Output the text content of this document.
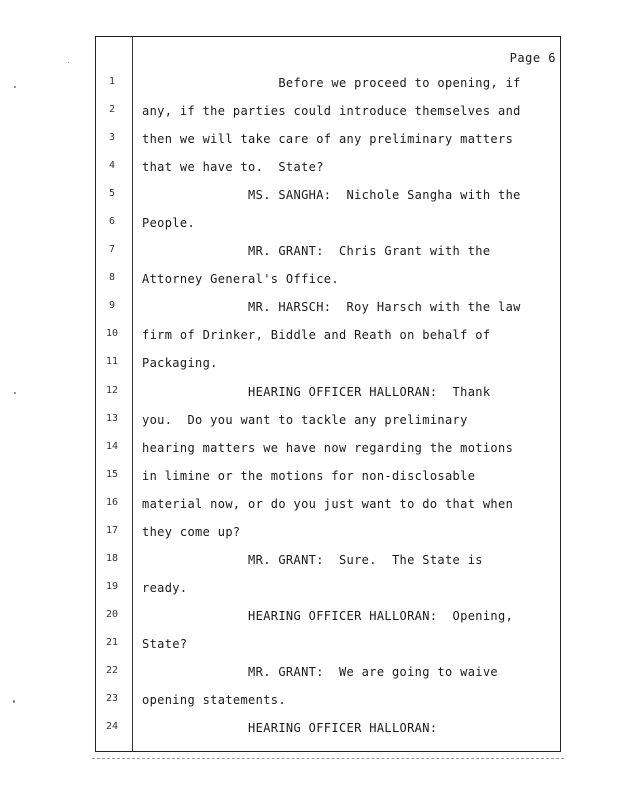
Page 6
1	Before we proceed to opening, if
2	any, if the parties could introduce themselves and
3	then we will take care of any preliminary matters
4	that we have to.  State?
5	MS. SANGHA:  Nichole Sangha with the
6	People.
7	MR. GRANT:  Chris Grant with the
8	Attorney General's Office.
9	MR. HARSCH:  Roy Harsch with the law
10	firm of Drinker, Biddle and Reath on behalf of
11	Packaging.
12	HEARING OFFICER HALLORAN:  Thank
13	you.  Do you want to tackle any preliminary
14	hearing matters we have now regarding the motions
15	in limine or the motions for non-disclosable
16	material now, or do you just want to do that when
17	they come up?
18	MR. GRANT:  Sure.  The State is
19	ready.
20	HEARING OFFICER HALLORAN:  Opening,
21	State?
22	MR. GRANT:  We are going to waive
23	opening statements.
24	HEARING OFFICER HALLORAN:
